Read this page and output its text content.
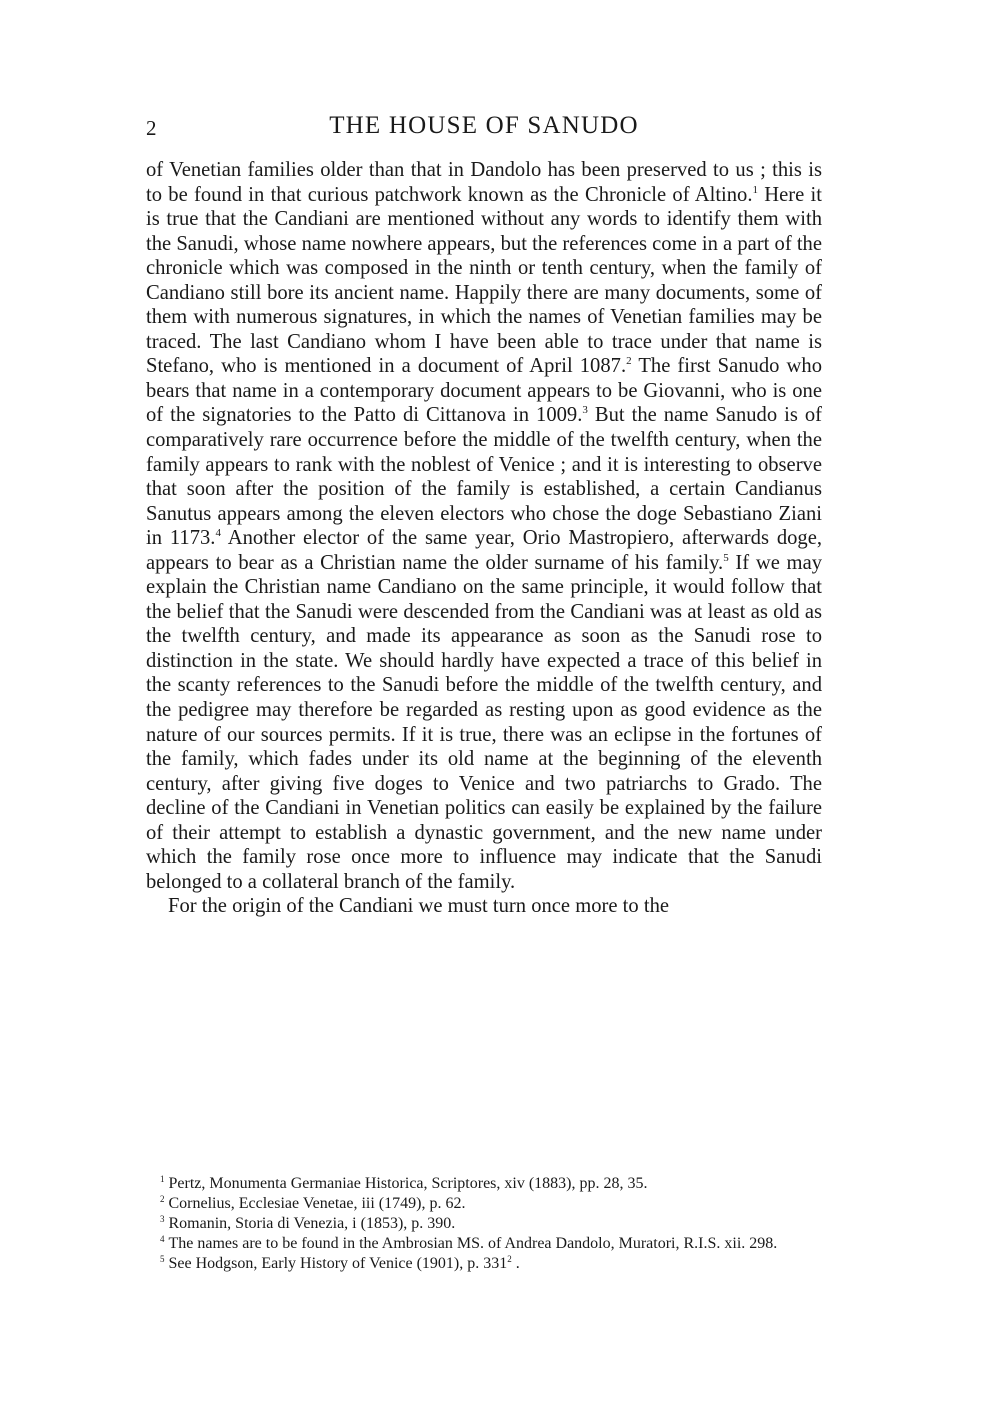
2	THE HOUSE OF SANUDO

of Venetian families older than that in Dandolo has been preserved to us ; this is to be found in that curious patchwork known as the Chronicle of Altino.$^1$ Here it is true that the Candiani are mentioned without any words to identify them with the Sanudi, whose name nowhere appears, but the references come in a part of the chronicle which was composed in the ninth or tenth century, when the family of Candiano still bore its ancient name. Happily there are many documents, some of them with numerous signatures, in which the names of Venetian families may be traced. The last Candiano whom I have been able to trace under that name is Stefano, who is mentioned in a document of April 1087.$^2$ The first Sanudo who bears that name in a contemporary document appears to be Giovanni, who is one of the signatories to the Patto di Cittanova in 1009.$^3$ But the name Sanudo is of comparatively rare occurrence before the middle of the twelfth century, when the family appears to rank with the noblest of Venice ; and it is interesting to observe that soon after the position of the family is established, a certain Candianus Sanutus appears among the eleven electors who chose the doge Sebastiano Ziani in 1173.$^4$ Another elector of the same year, Orio Mastropiero, afterwards doge, appears to bear as a Christian name the older surname of his family.$^5$ If we may explain the Christian name Candiano on the same principle, it would follow that the belief that the Sanudi were descended from the Candiani was at least as old as the twelfth century, and made its appearance as soon as the Sanudi rose to distinction in the state. We should hardly have expected a trace of this belief in the scanty references to the Sanudi before the middle of the twelfth century, and the pedigree may therefore be regarded as resting upon as good evidence as the nature of our sources permits. If it is true, there was an eclipse in the fortunes of the family, which fades under its old name at the beginning of the eleventh century, after giving five doges to Venice and two patriarchs to Grado. The decline of the Candiani in Venetian politics can easily be explained by the failure of their attempt to establish a dynastic government, and the new name under which the family rose once more to influence may indicate that the Sanudi belonged to a collateral branch of the family.

For the origin of the Candiani we must turn once more to the

$^1$ Pertz, Monumenta Germaniae Historica, Scriptores, xiv (1883), pp. 28, 35.

$^2$ Cornelius, Ecclesiae Venetae, iii (1749), p. 62.

$^3$ Romanin, Storia di Venezia, i (1853), p. 390.

$^4$ The names are to be found in the Ambrosian MS. of Andrea Dandolo, Muratori, R.I.S. xii. 298.

$^5$ See Hodgson, Early History of Venice (1901), p. $331^2$ .
